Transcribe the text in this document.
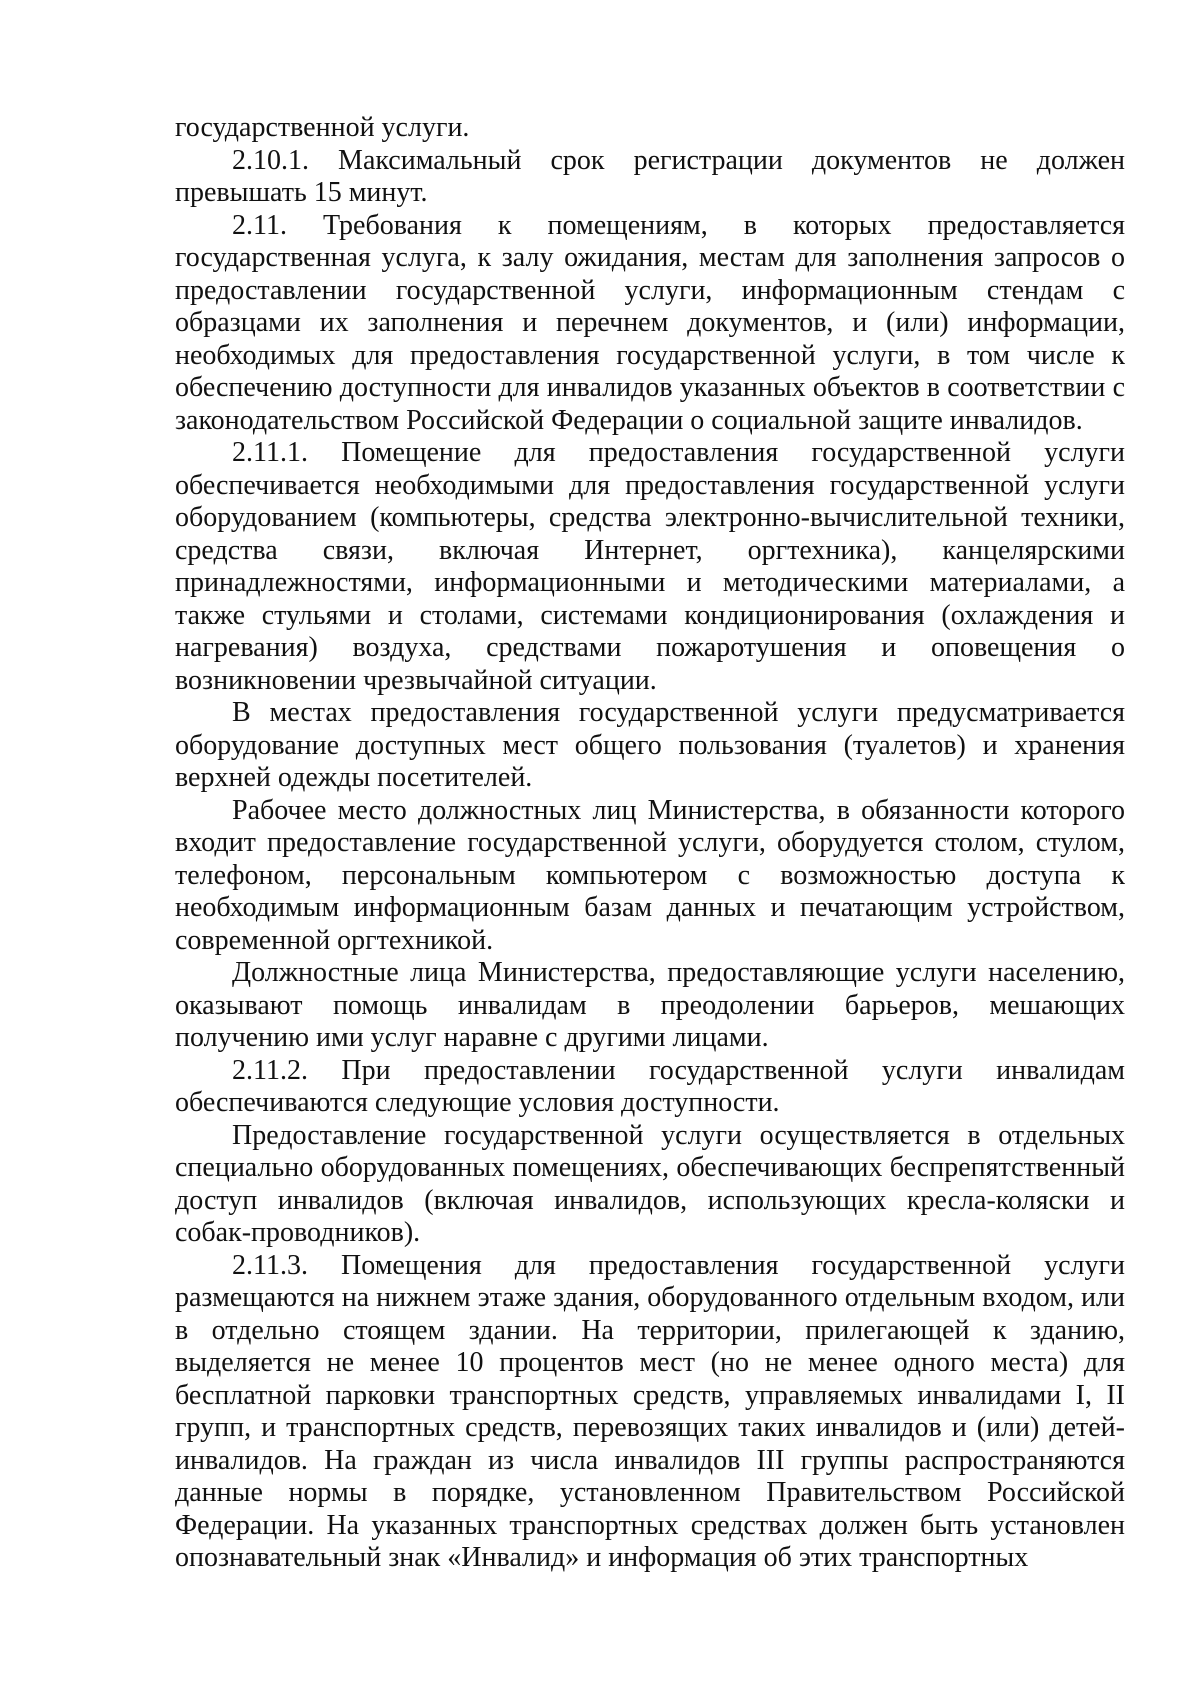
государственной услуги.

2.10.1. Максимальный срок регистрации документов не должен превышать 15 минут.

2.11. Требования к помещениям, в которых предоставляется государственная услуга, к залу ожидания, местам для заполнения запросов о предоставлении государственной услуги, информационным стендам с образцами их заполнения и перечнем документов, и (или) информации, необходимых для предоставления государственной услуги, в том числе к обеспечению доступности для инвалидов указанных объектов в соответствии с законодательством Российской Федерации о социальной защите инвалидов.

2.11.1. Помещение для предоставления государственной услуги обеспечивается необходимыми для предоставления государственной услуги оборудованием (компьютеры, средства электронно-вычислительной техники, средства связи, включая Интернет, оргтехника), канцелярскими принадлежностями, информационными и методическими материалами, а также стульями и столами, системами кондиционирования (охлаждения и нагревания) воздуха, средствами пожаротушения и оповещения о возникновении чрезвычайной ситуации.

В местах предоставления государственной услуги предусматривается оборудование доступных мест общего пользования (туалетов) и хранения верхней одежды посетителей.

Рабочее место должностных лиц Министерства, в обязанности которого входит предоставление государственной услуги, оборудуется столом, стулом, телефоном, персональным компьютером с возможностью доступа к необходимым информационным базам данных и печатающим устройством, современной оргтехникой.

Должностные лица Министерства, предоставляющие услуги населению, оказывают помощь инвалидам в преодолении барьеров, мешающих получению ими услуг наравне с другими лицами.

2.11.2. При предоставлении государственной услуги инвалидам обеспечиваются следующие условия доступности.

Предоставление государственной услуги осуществляется в отдельных специально оборудованных помещениях, обеспечивающих беспрепятственный доступ инвалидов (включая инвалидов, использующих кресла-коляски и собак-проводников).

2.11.3. Помещения для предоставления государственной услуги размещаются на нижнем этаже здания, оборудованного отдельным входом, или в отдельно стоящем здании. На территории, прилегающей к зданию, выделяется не менее 10 процентов мест (но не менее одного места) для бесплатной парковки транспортных средств, управляемых инвалидами I, II групп, и транспортных средств, перевозящих таких инвалидов и (или) детей-инвалидов. На граждан из числа инвалидов III группы распространяются данные нормы в порядке, установленном Правительством Российской Федерации. На указанных транспортных средствах должен быть установлен опознавательный знак «Инвалид» и информация об этих транспортных
